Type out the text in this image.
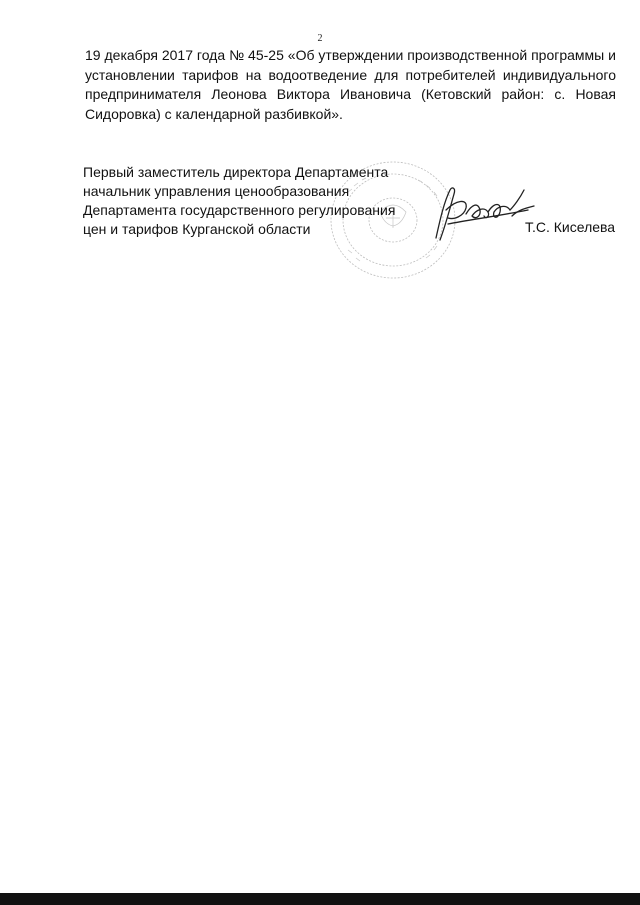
2

19 декабря 2017 года № 45-25 «Об утверждении производственной программы и установлении тарифов на водоотведение для потребителей индивидуального предпринимателя Леонова Виктора Ивановича (Кетовский район: с. Новая Сидоровка) с календарной разбивкой».

Первый заместитель директора Департамента
начальник управления ценообразования
Департамента государственного регулирования
цен и тарифов Курганской области	Т.С. Киселева
